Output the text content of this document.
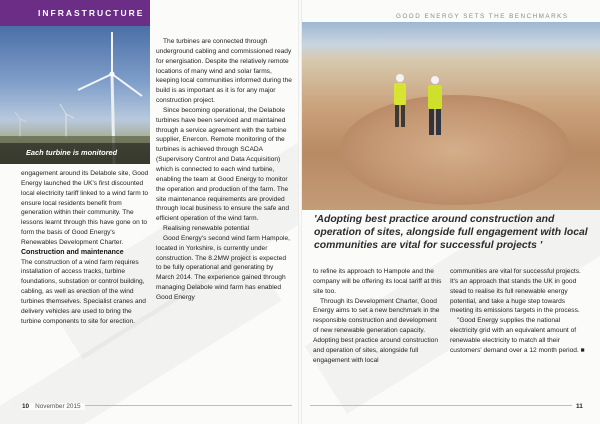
INFRASTRUCTURE
Each turbine is monitored

engagement around its Delabole site, Good Energy launched the UK's first discounted local electricity tariff linked to a wind farm to ensure local residents benefit from generation within their community. The lessons learnt through this have gone on to form the basis of Good Energy's Renewables Development Charter.

Construction and maintenance

The construction of a wind farm requires installation of access tracks, turbine foundations, substation or control building, cabling, as well as erection of the wind turbines themselves. Specialist cranes and delivery vehicles are used to bring the turbine components to site for erection.

The turbines are connected through underground cabling and commissioned ready for energisation. Despite the relatively remote locations of many wind and solar farms, keeping local communities informed during the build is as important as it is for any major construction project.

Since becoming operational, the Delabole turbines have been serviced and maintained through a service agreement with the turbine supplier, Enercon. Remote monitoring of the turbines is achieved through SCADA (Supervisory Control and Data Acquisition) which is connected to each wind turbine, enabling the team at Good Energy to monitor the operation and production of the farm. The site maintenance requirements are provided through local business to ensure the safe and efficient operation of the wind farm.

Realising renewable potential

Good Energy's second wind farm Hampole, located in Yorkshire, is currently under construction. The 8.2MW project is expected to be fully operational and generating by March 2014. The experience gained through managing Delabole wind farm has enabled Good Energy

GOOD ENERGY SETS THE BENCHMARKS
'Adopting best practice around construction and operation of sites, alongside full engagement with local communities are vital for successful projects '

to refine its approach to Hampole and the company will be offering its local tariff at this site too.

Through its Development Charter, Good Energy aims to set a new benchmark in the responsible construction and development of new renewable generation capacity. Adopting best practice around construction and operation of sites, alongside full engagement with local

communities are vital for successful projects. It's an approach that stands the UK in good stead to realise its full renewable energy potential, and take a huge step towards meeting its emissions targets in the process.

"Good Energy supplies the national electricity grid with an equivalent amount of renewable electricity to match all their customers' demand over a 12 month period. ■

10 November 2015	11
